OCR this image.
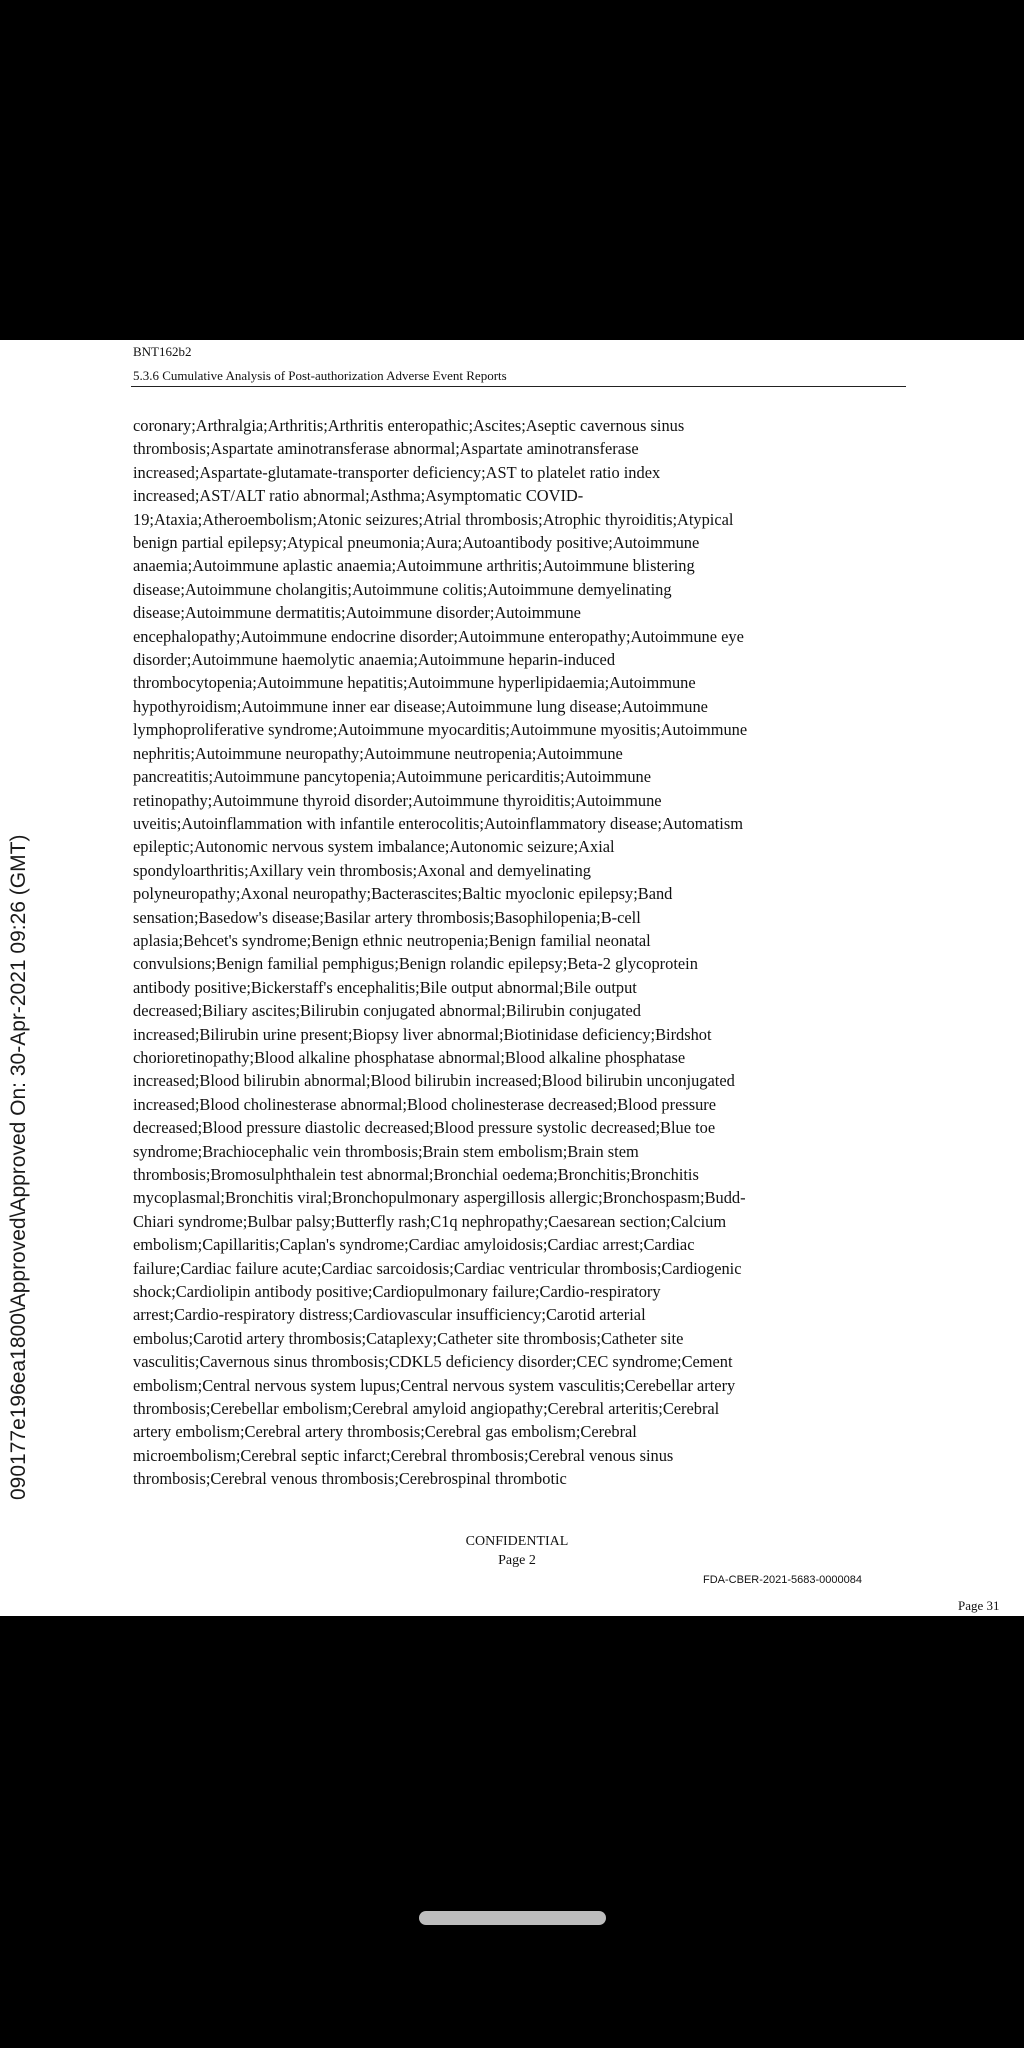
BNT162b2
5.3.6 Cumulative Analysis of Post-authorization Adverse Event Reports

coronary;Arthralgia;Arthritis;Arthritis enteropathic;Ascites;Aseptic cavernous sinus
thrombosis;Aspartate aminotransferase abnormal;Aspartate aminotransferase
increased;Aspartate-glutamate-transporter deficiency;AST to platelet ratio index
increased;AST/ALT ratio abnormal;Asthma;Asymptomatic COVID-
19;Ataxia;Atheroembolism;Atonic seizures;Atrial thrombosis;Atrophic thyroiditis;Atypical
benign partial epilepsy;Atypical pneumonia;Aura;Autoantibody positive;Autoimmune
anaemia;Autoimmune aplastic anaemia;Autoimmune arthritis;Autoimmune blistering
disease;Autoimmune cholangitis;Autoimmune colitis;Autoimmune demyelinating
disease;Autoimmune dermatitis;Autoimmune disorder;Autoimmune
encephalopathy;Autoimmune endocrine disorder;Autoimmune enteropathy;Autoimmune eye
disorder;Autoimmune haemolytic anaemia;Autoimmune heparin-induced
thrombocytopenia;Autoimmune hepatitis;Autoimmune hyperlipidaemia;Autoimmune
hypothyroidism;Autoimmune inner ear disease;Autoimmune lung disease;Autoimmune
lymphoproliferative syndrome;Autoimmune myocarditis;Autoimmune myositis;Autoimmune
nephritis;Autoimmune neuropathy;Autoimmune neutropenia;Autoimmune
pancreatitis;Autoimmune pancytopenia;Autoimmune pericarditis;Autoimmune
retinopathy;Autoimmune thyroid disorder;Autoimmune thyroiditis;Autoimmune
uveitis;Autoinflammation with infantile enterocolitis;Autoinflammatory disease;Automatism
epileptic;Autonomic nervous system imbalance;Autonomic seizure;Axial
spondyloarthritis;Axillary vein thrombosis;Axonal and demyelinating
polyneuropathy;Axonal neuropathy;Bacterascites;Baltic myoclonic epilepsy;Band
sensation;Basedow's disease;Basilar artery thrombosis;Basophilopenia;B-cell
aplasia;Behcet's syndrome;Benign ethnic neutropenia;Benign familial neonatal
convulsions;Benign familial pemphigus;Benign rolandic epilepsy;Beta-2 glycoprotein
antibody positive;Bickerstaff's encephalitis;Bile output abnormal;Bile output
decreased;Biliary ascites;Bilirubin conjugated abnormal;Bilirubin conjugated
increased;Bilirubin urine present;Biopsy liver abnormal;Biotinidase deficiency;Birdshot
chorioretinopathy;Blood alkaline phosphatase abnormal;Blood alkaline phosphatase
increased;Blood bilirubin abnormal;Blood bilirubin increased;Blood bilirubin unconjugated
increased;Blood cholinesterase abnormal;Blood cholinesterase decreased;Blood pressure
decreased;Blood pressure diastolic decreased;Blood pressure systolic decreased;Blue toe
syndrome;Brachiocephalic vein thrombosis;Brain stem embolism;Brain stem
thrombosis;Bromosulphthalein test abnormal;Bronchial oedema;Bronchitis;Bronchitis
mycoplasmal;Bronchitis viral;Bronchopulmonary aspergillosis allergic;Bronchospasm;Budd-
Chiari syndrome;Bulbar palsy;Butterfly rash;C1q nephropathy;Caesarean section;Calcium
embolism;Capillaritis;Caplan's syndrome;Cardiac amyloidosis;Cardiac arrest;Cardiac
failure;Cardiac failure acute;Cardiac sarcoidosis;Cardiac ventricular thrombosis;Cardiogenic
shock;Cardiolipin antibody positive;Cardiopulmonary failure;Cardio-respiratory
arrest;Cardio-respiratory distress;Cardiovascular insufficiency;Carotid arterial
embolus;Carotid artery thrombosis;Cataplexy;Catheter site thrombosis;Catheter site
vasculitis;Cavernous sinus thrombosis;CDKL5 deficiency disorder;CEC syndrome;Cement
embolism;Central nervous system lupus;Central nervous system vasculitis;Cerebellar artery
thrombosis;Cerebellar embolism;Cerebral amyloid angiopathy;Cerebral arteritis;Cerebral
artery embolism;Cerebral artery thrombosis;Cerebral gas embolism;Cerebral
microembolism;Cerebral septic infarct;Cerebral thrombosis;Cerebral venous sinus
thrombosis;Cerebral venous thrombosis;Cerebrospinal thrombotic

CONFIDENTIAL
Page 2
FDA-CBER-2021-5683-0000084
Page 31
090177e196ea1800\Approved\Approved On: 30-Apr-2021 09:26 (GMT)
